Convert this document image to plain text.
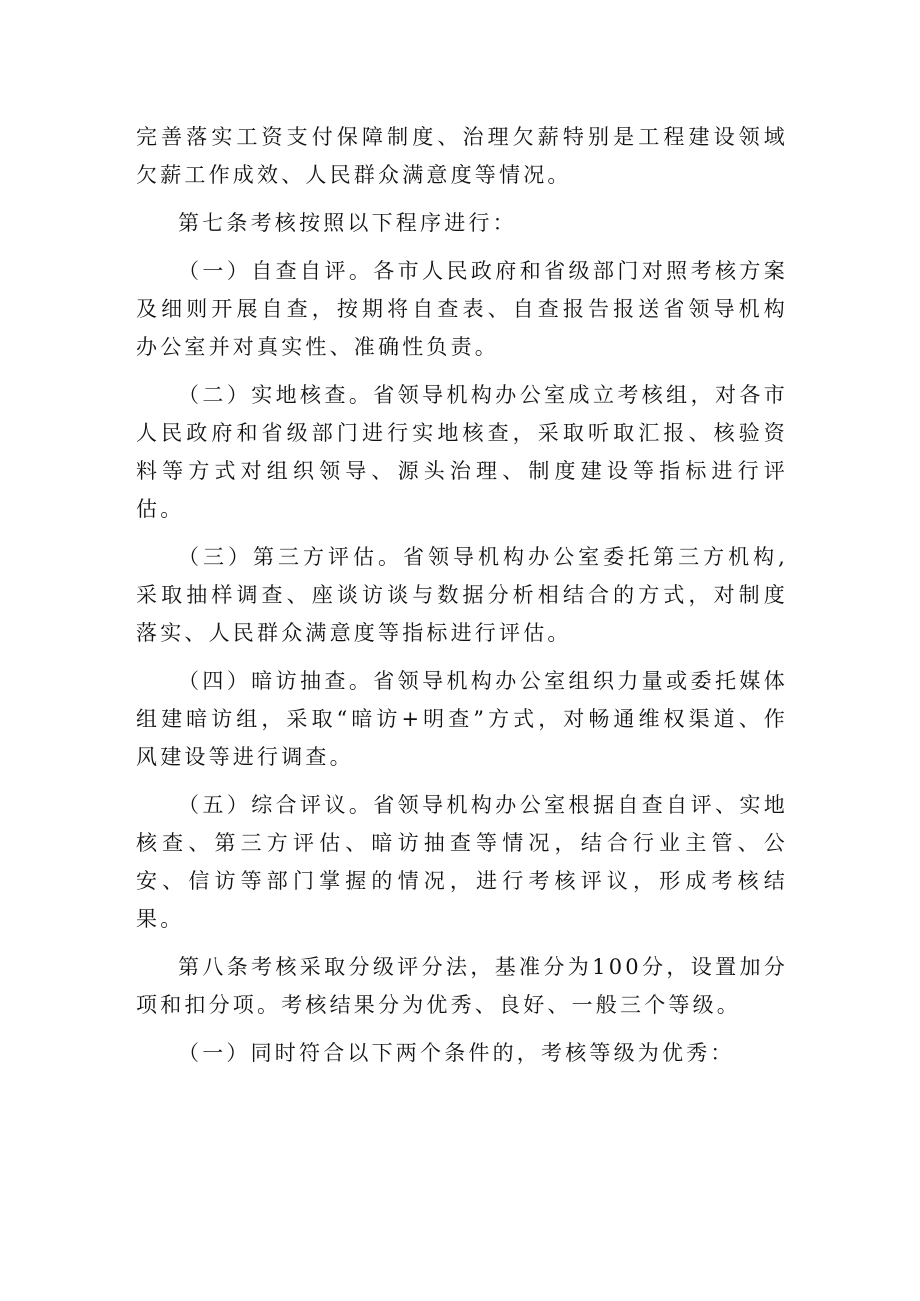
完善落实工资支付保障制度、治理欠薪特别是工程建设领域欠薪工作成效、人民群众满意度等情况。

第七条考核按照以下程序进行：

（一）自查自评。各市人民政府和省级部门对照考核方案及细则开展自查，按期将自查表、自查报告报送省领导机构办公室并对真实性、准确性负责。

（二）实地核查。省领导机构办公室成立考核组，对各市人民政府和省级部门进行实地核查，采取听取汇报、核验资料等方式对组织领导、源头治理、制度建设等指标进行评估。

（三）第三方评估。省领导机构办公室委托第三方机构,采取抽样调查、座谈访谈与数据分析相结合的方式，对制度落实、人民群众满意度等指标进行评估。

（四）暗访抽查。省领导机构办公室组织力量或委托媒体组建暗访组，采取“暗访+明查”方式，对畅通维权渠道、作风建设等进行调查。

（五）综合评议。省领导机构办公室根据自查自评、实地核查、第三方评估、暗访抽查等情况，结合行业主管、公安、信访等部门掌握的情况，进行考核评议，形成考核结果。

第八条考核采取分级评分法，基准分为100分，设置加分项和扣分项。考核结果分为优秀、良好、一般三个等级。

（一）同时符合以下两个条件的，考核等级为优秀：
